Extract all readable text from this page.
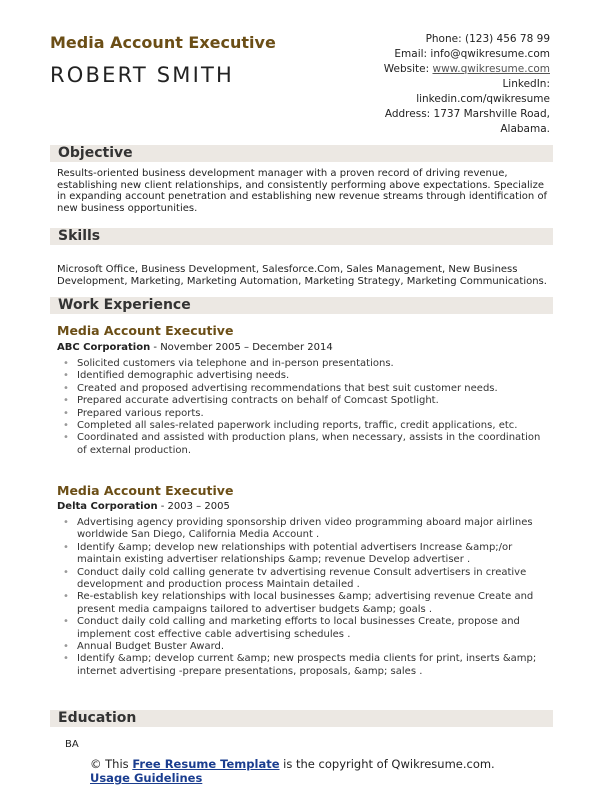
Media Account Executive
ROBERT SMITH
Phone: (123) 456 78 99
Email: info@qwikresume.com
Website: www.qwikresume.com
LinkedIn:
linkedin.com/qwikresume
Address: 1737 Marshville Road,
Alabama.
Objective
Results-oriented business development manager with a proven record of driving revenue, establishing new client relationships, and consistently performing above expectations. Specialize in expanding account penetration and establishing new revenue streams through identification of new business opportunities.
Skills
Microsoft Office, Business Development, Salesforce.Com, Sales Management, New Business Development, Marketing, Marketing Automation, Marketing Strategy, Marketing Communications.
Work Experience
Media Account Executive
ABC Corporation - November 2005 – December 2014
• Solicited customers via telephone and in-person presentations.
• Identified demographic advertising needs.
• Created and proposed advertising recommendations that best suit customer needs.
• Prepared accurate advertising contracts on behalf of Comcast Spotlight.
• Prepared various reports.
• Completed all sales-related paperwork including reports, traffic, credit applications, etc.
• Coordinated and assisted with production plans, when necessary, assists in the coordination of external production.
Media Account Executive
Delta Corporation - 2003 – 2005
• Advertising agency providing sponsorship driven video programming aboard major airlines worldwide San Diego, California Media Account .
• Identify &amp; develop new relationships with potential advertisers Increase &amp;/or maintain existing advertiser relationships &amp; revenue Develop advertiser .
• Conduct daily cold calling generate tv advertising revenue Consult advertisers in creative development and production process Maintain detailed .
• Re-establish key relationships with local businesses &amp; advertising revenue Create and present media campaigns tailored to advertiser budgets &amp; goals .
• Conduct daily cold calling and marketing efforts to local businesses Create, propose and implement cost effective cable advertising schedules .
• Annual Budget Buster Award.
• Identify &amp; develop current &amp; new prospects media clients for print, inserts &amp; internet advertising -prepare presentations, proposals, &amp; sales .
Education
BA
© This Free Resume Template is the copyright of Qwikresume.com. Usage Guidelines
